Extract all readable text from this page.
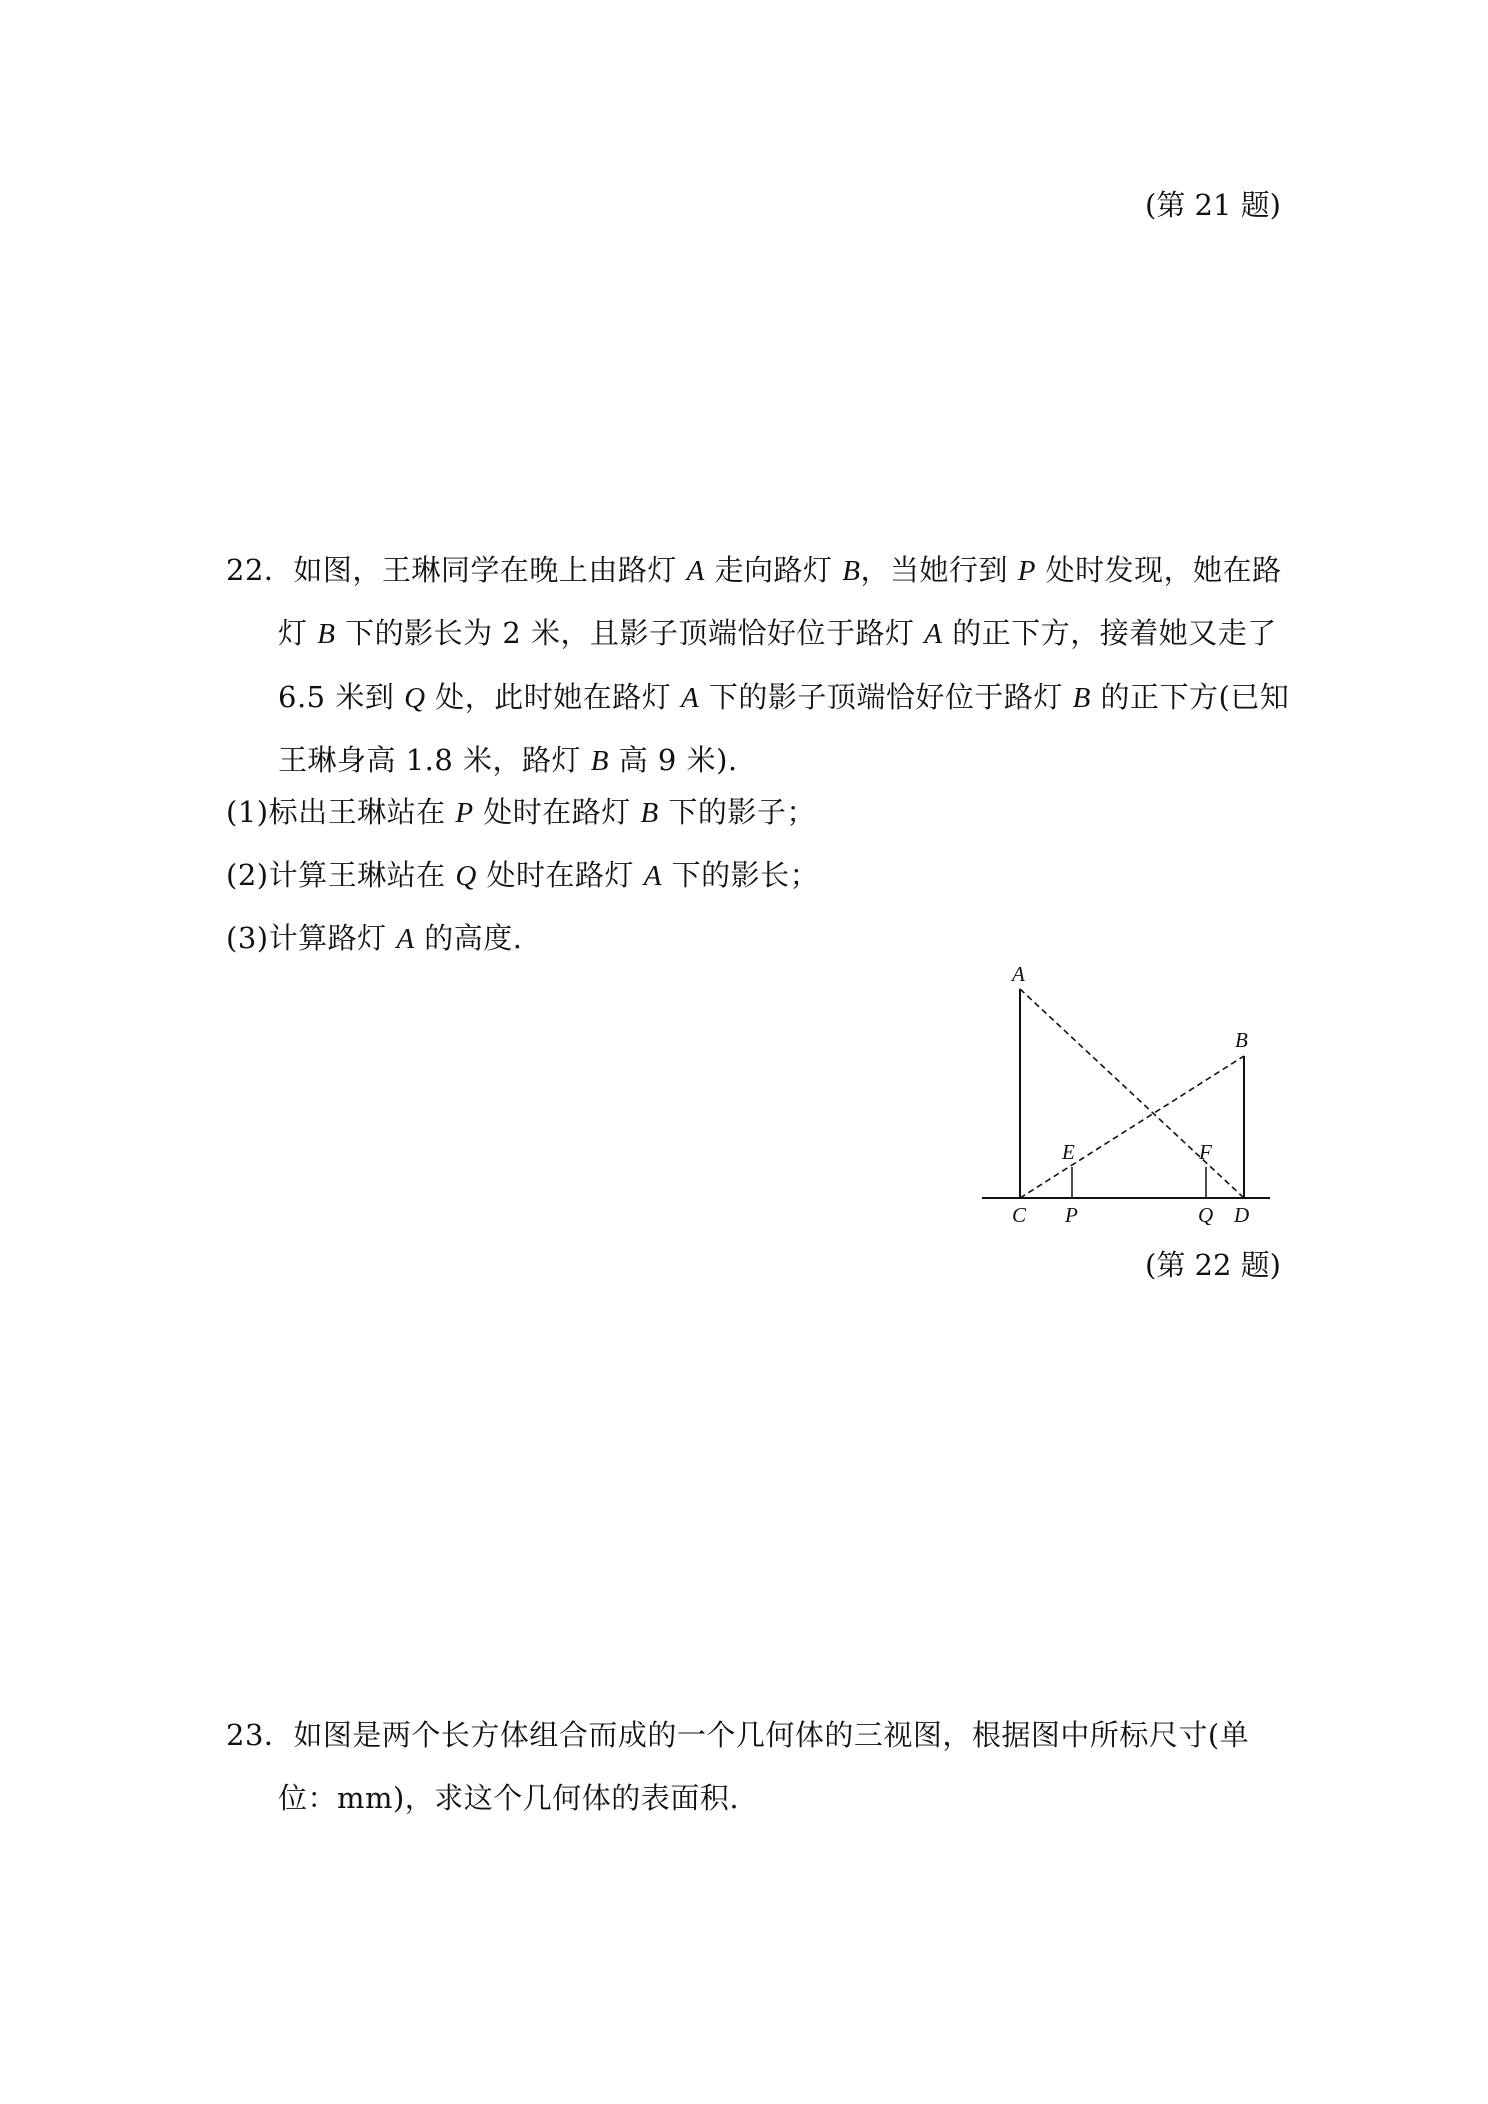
(第 21 题)
22．如图，王琳同学在晚上由路灯 A 走向路灯 B，当她行到 P 处时发现，她在路
灯 B 下的影长为 2 米，且影子顶端恰好位于路灯 A 的正下方，接着她又走了
6.5 米到 Q 处，此时她在路灯 A 下的影子顶端恰好位于路灯 B 的正下方(已知
王琳身高 1.8 米，路灯 B 高 9 米).
(1)标出王琳站在 P 处时在路灯 B 下的影子；
(2)计算王琳站在 Q 处时在路灯 A 下的影长；
(3)计算路灯 A 的高度.
A
B
E	F
C P	Q D
(第 22 题)
23．如图是两个长方体组合而成的一个几何体的三视图，根据图中所标尺寸(单
位：mm)，求这个几何体的表面积.
